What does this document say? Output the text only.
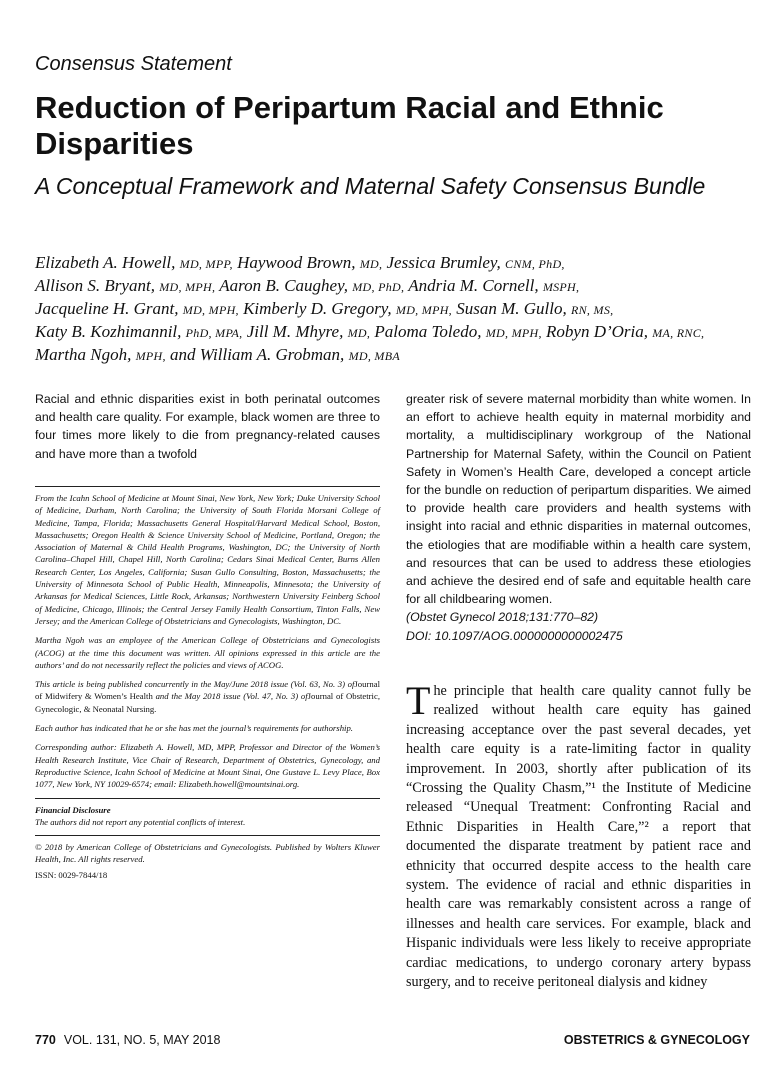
Consensus Statement
Reduction of Peripartum Racial and Ethnic Disparities
A Conceptual Framework and Maternal Safety Consensus Bundle
Elizabeth A. Howell, MD, MPP, Haywood Brown, MD, Jessica Brumley, CNM, PhD,
Allison S. Bryant, MD, MPH, Aaron B. Caughey, MD, PhD, Andria M. Cornell, MSPH,
Jacqueline H. Grant, MD, MPH, Kimberly D. Gregory, MD, MPH, Susan M. Gullo, RN, MS,
Katy B. Kozhimannil, PhD, MPA, Jill M. Mhyre, MD, Paloma Toledo, MD, MPH, Robyn D’Oria, MA, RNC,
Martha Ngoh, MPH, and William A. Grobman, MD, MBA
Racial and ethnic disparities exist in both perinatal outcomes and health care quality. For example, black women are three to four times more likely to die from pregnancy-related causes and have more than a twofold
greater risk of severe maternal morbidity than white women. In an effort to achieve health equity in maternal morbidity and mortality, a multidisciplinary workgroup of the National Partnership for Maternal Safety, within the Council on Patient Safety in Women’s Health Care, developed a concept article for the bundle on reduction of peripartum disparities. We aimed to provide health care providers and health systems with insight into racial and ethnic disparities in maternal outcomes, the etiologies that are modifiable within a health care system, and resources that can be used to address these etiologies and achieve the desired end of safe and equitable health care for all childbearing women.
(Obstet Gynecol 2018;131:770–82)
DOI: 10.1097/AOG.0000000000002475

From the Icahn School of Medicine at Mount Sinai, New York, New York; Duke University School of Medicine, Durham, North Carolina; the University of South Florida Morsani College of Medicine, Tampa, Florida; Massachusetts General Hospital/Harvard Medical School, Boston, Massachusetts; Oregon Health & Science University School of Medicine, Portland, Oregon; the Association of Maternal & Child Health Programs, Washington, DC; the University of North Carolina–Chapel Hill, Chapel Hill, North Carolina; Cedars Sinai Medical Center, Burns Allen Research Center, Los Angeles, California; Susan Gullo Consulting, Boston, Massachusetts; the University of Minnesota School of Public Health, Minneapolis, Minnesota; the University of Arkansas for Medical Sciences, Little Rock, Arkansas; Northwestern University Feinberg School of Medicine, Chicago, Illinois; the Central Jersey Family Health Consortium, Tinton Falls, New Jersey; and the American College of Obstetricians and Gynecologists, Washington, DC.

Martha Ngoh was an employee of the American College of Obstetricians and Gynecologists (ACOG) at the time this document was written. All opinions expressed in this article are the authors’ and do not necessarily reflect the policies and views of ACOG.

This article is being published concurrently in the May/June 2018 issue (Vol. 63, No. 3) ofJournal of Midwifery & Women’s Health and the May 2018 issue (Vol. 47, No. 3) ofJournal of Obstetric, Gynecologic, & Neonatal Nursing.

Each author has indicated that he or she has met the journal’s requirements for authorship.

Corresponding author: Elizabeth A. Howell, MD, MPP, Professor and Director of the Women’s Health Research Institute, Vice Chair of Research, Department of Obstetrics, Gynecology, and Reproductive Science, Icahn School of Medicine at Mount Sinai, One Gustave L. Levy Place, Box 1077, New York, NY 10029-6574; email: Elizabeth.howell@mountsinai.org.

Financial Disclosure

The authors did not report any potential conflicts of interest.

© 2018 by American College of Obstetricians and Gynecologists. Published by Wolters Kluwer Health, Inc. All rights reserved.
ISSN: 0029-7844/18
The principle that health care quality cannot fully be realized without health care equity has gained increasing acceptance over the past several decades, yet health care equity is a rate-limiting factor in quality improvement. In 2003, shortly after publication of its “Crossing the Quality Chasm,”¹ the Institute of Medicine released “Unequal Treatment: Confronting Racial and Ethnic Disparities in Health Care,”² a report that documented the disparate treatment by patient race and ethnicity that occurred despite access to the health care system. The evidence of racial and ethnic disparities in health care was remarkably consistent across a range of illnesses and health care services. For example, black and Hispanic individuals were less likely to receive appropriate cardiac medications, to undergo coronary artery bypass surgery, and to receive peritoneal dialysis and kidney
770 VOL. 131, NO. 5, MAY 2018	OBSTETRICS & GYNECOLOGY
